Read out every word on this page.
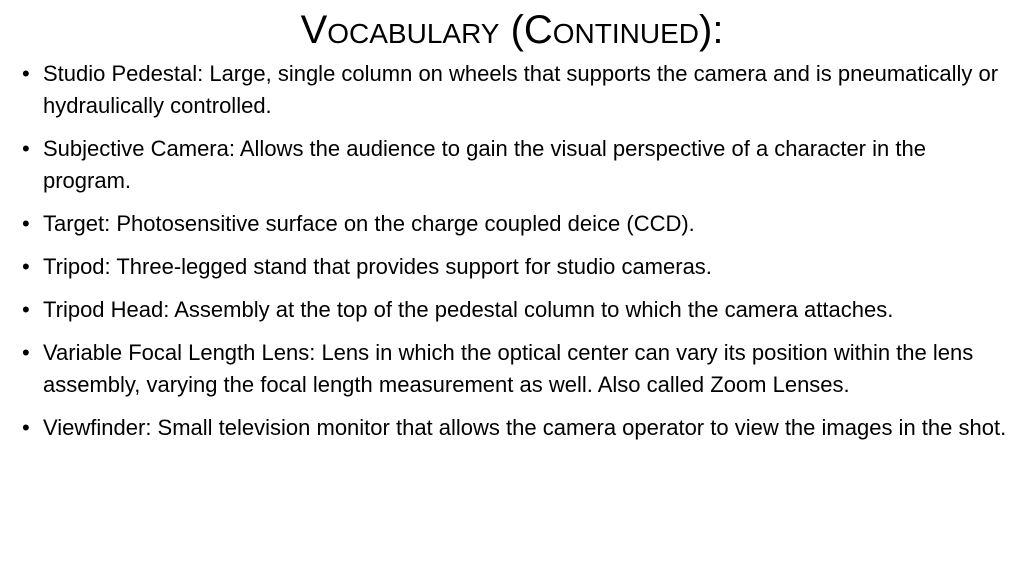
Vocabulary (Continued):
• Studio Pedestal: Large, single column on wheels that supports the camera and is pneumatically or hydraulically controlled.
• Subjective Camera: Allows the audience to gain the visual perspective of a character in the program.
• Target: Photosensitive surface on the charge coupled deice (CCD).
• Tripod: Three-legged stand that provides support for studio cameras.
• Tripod Head: Assembly at the top of the pedestal column to which the camera attaches.
• Variable Focal Length Lens: Lens in which the optical center can vary its position within the lens assembly, varying the focal length measurement as well. Also called Zoom Lenses.
• Viewfinder: Small television monitor that allows the camera operator to view the images in the shot.
